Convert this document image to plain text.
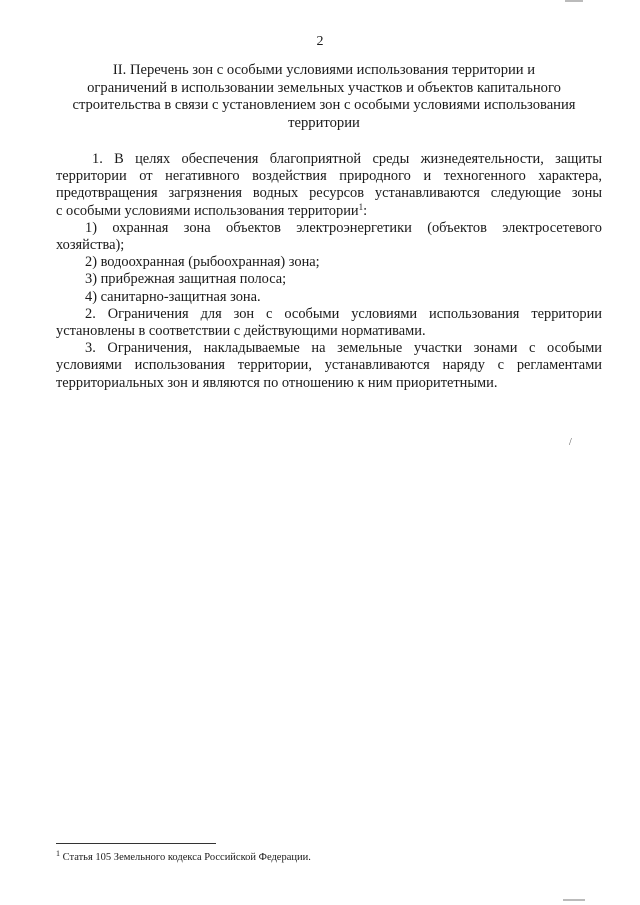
2
II. Перечень зон с особыми условиями использования территории и
ограничений в использовании земельных участков и объектов капитального
строительства в связи с установлением зон с особыми условиями использования
территории
1. В целях обеспечения благоприятной среды жизнедеятельности, защиты
территории от негативного воздействия природного и техногенного характера,
предотвращения загрязнения водных ресурсов устанавливаются следующие зоны
с особыми условиями использования территории$^1$:
1) охранная зона объектов электроэнергетики (объектов электросетевого
хозяйства);
2) водоохранная (рыбоохранная) зона;
3) прибрежная защитная полоса;
4) санитарно-защитная зона.
2. Ограничения для зон с особыми условиями использования территории
установлены в соответствии с действующими нормативами.
3. Ограничения, накладываемые на земельные участки зонами с особыми
условиями использования территории, устанавливаются наряду с регламентами
территориальных зон и являются по отношению к ним приоритетными.
/
$^1$ Статья 105 Земельного кодекса Российской Федерации.
